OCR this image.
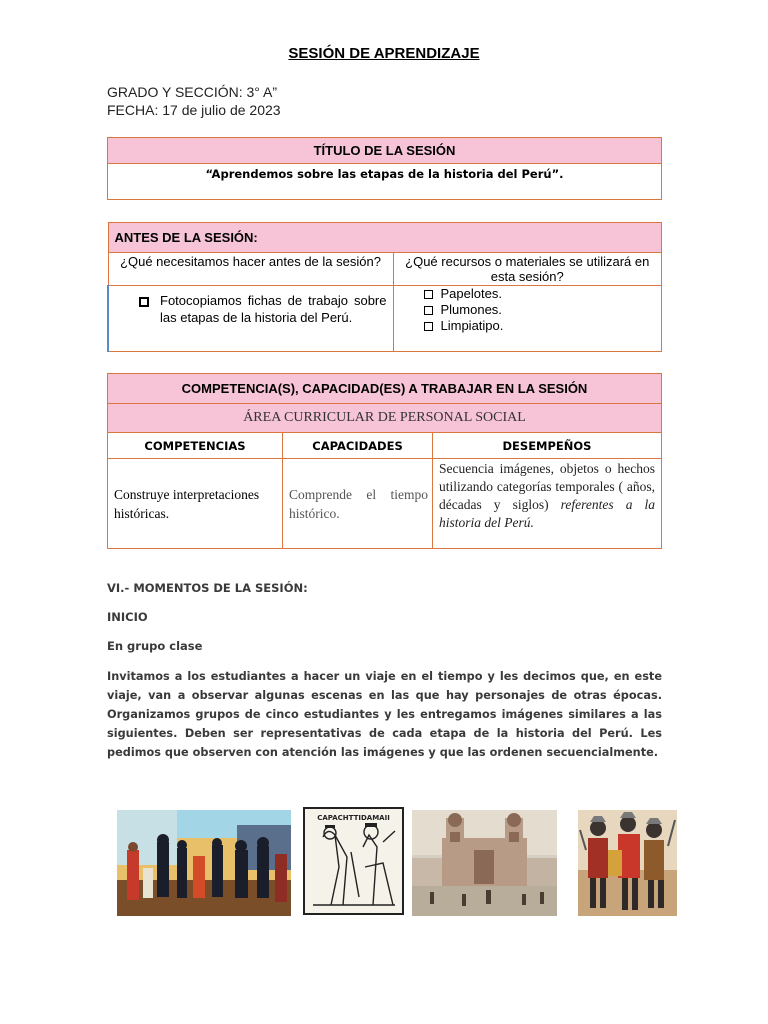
SESIÓN DE APRENDIZAJE
GRADO Y SECCIÓN: 3° A”
FECHA: 17 de julio de 2023
TÍTULO DE LA SESIÓN
“Aprendemos sobre las etapas de la historia del Perú”.
ANTES DE LA SESIÓN:	
¿Qué necesitamos hacer antes de la sesión?	¿Qué recursos o materiales se utilizará en esta sesión?

Fotocopiamos fichas de trabajo sobre las etapas de la historia del Perú.	Papelotes.
Plumones.
Limpiatipo.
COMPETENCIA(S), CAPACIDAD(ES) A TRABAJAR EN LA SESIÓN		
ÁREA CURRICULAR DE PERSONAL SOCIAL		
COMPETENCIAS	CAPACIDADES	DESEMPEÑOS
Construye interpretaciones históricas.	Comprende el tiempo histórico.	Secuencia imágenes, objetos o hechos utilizando categorías temporales ( años, décadas y siglos) referentes a la historia del Perú.
VI.- MOMENTOS DE LA SESIÓN:
INICIO
En grupo clase
Invitamos a los estudiantes a hacer un viaje en el tiempo y les decimos que, en este viaje, van a observar algunas escenas en las que hay personajes de otras épocas. Organizamos grupos de cinco estudiantes y les entregamos imágenes similares a las siguientes. Deben ser representativas de cada etapa de la historia del Perú. Les pedimos que observen con atención las imágenes y que las ordenen secuencialmente.
CAPACHTTIDAMAII
